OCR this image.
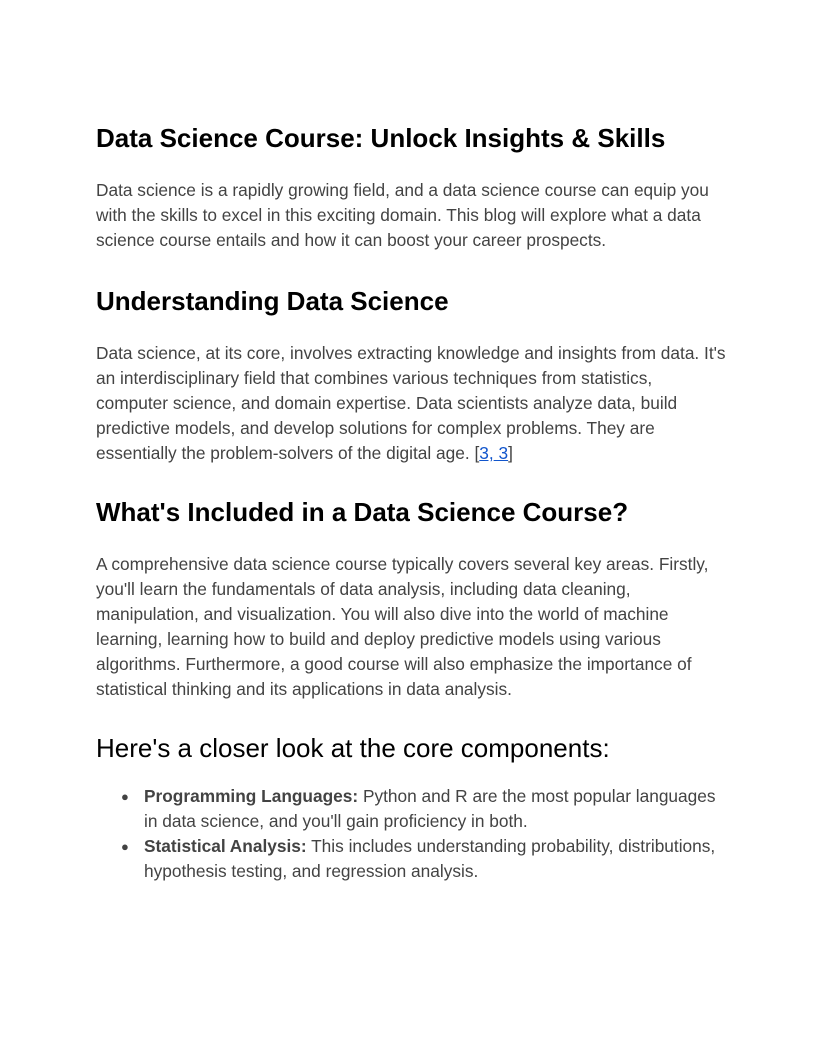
Data Science Course: Unlock Insights & Skills

Data science is a rapidly growing field, and a data science course can equip you with the skills to excel in this exciting domain. This blog will explore what a data science course entails and how it can boost your career prospects.

Understanding Data Science

Data science, at its core, involves extracting knowledge and insights from data. It's an interdisciplinary field that combines various techniques from statistics, computer science, and domain expertise. Data scientists analyze data, build predictive models, and develop solutions for complex problems. They are essentially the problem-solvers of the digital age. [3, 3]

What's Included in a Data Science Course?

A comprehensive data science course typically covers several key areas. Firstly, you'll learn the fundamentals of data analysis, including data cleaning, manipulation, and visualization. You will also dive into the world of machine learning, learning how to build and deploy predictive models using various algorithms. Furthermore, a good course will also emphasize the importance of statistical thinking and its applications in data analysis.

Here's a closer look at the core components:
● Programming Languages: Python and R are the most popular languages in data science, and you'll gain proficiency in both.
● Statistical Analysis: This includes understanding probability, distributions, hypothesis testing, and regression analysis.
